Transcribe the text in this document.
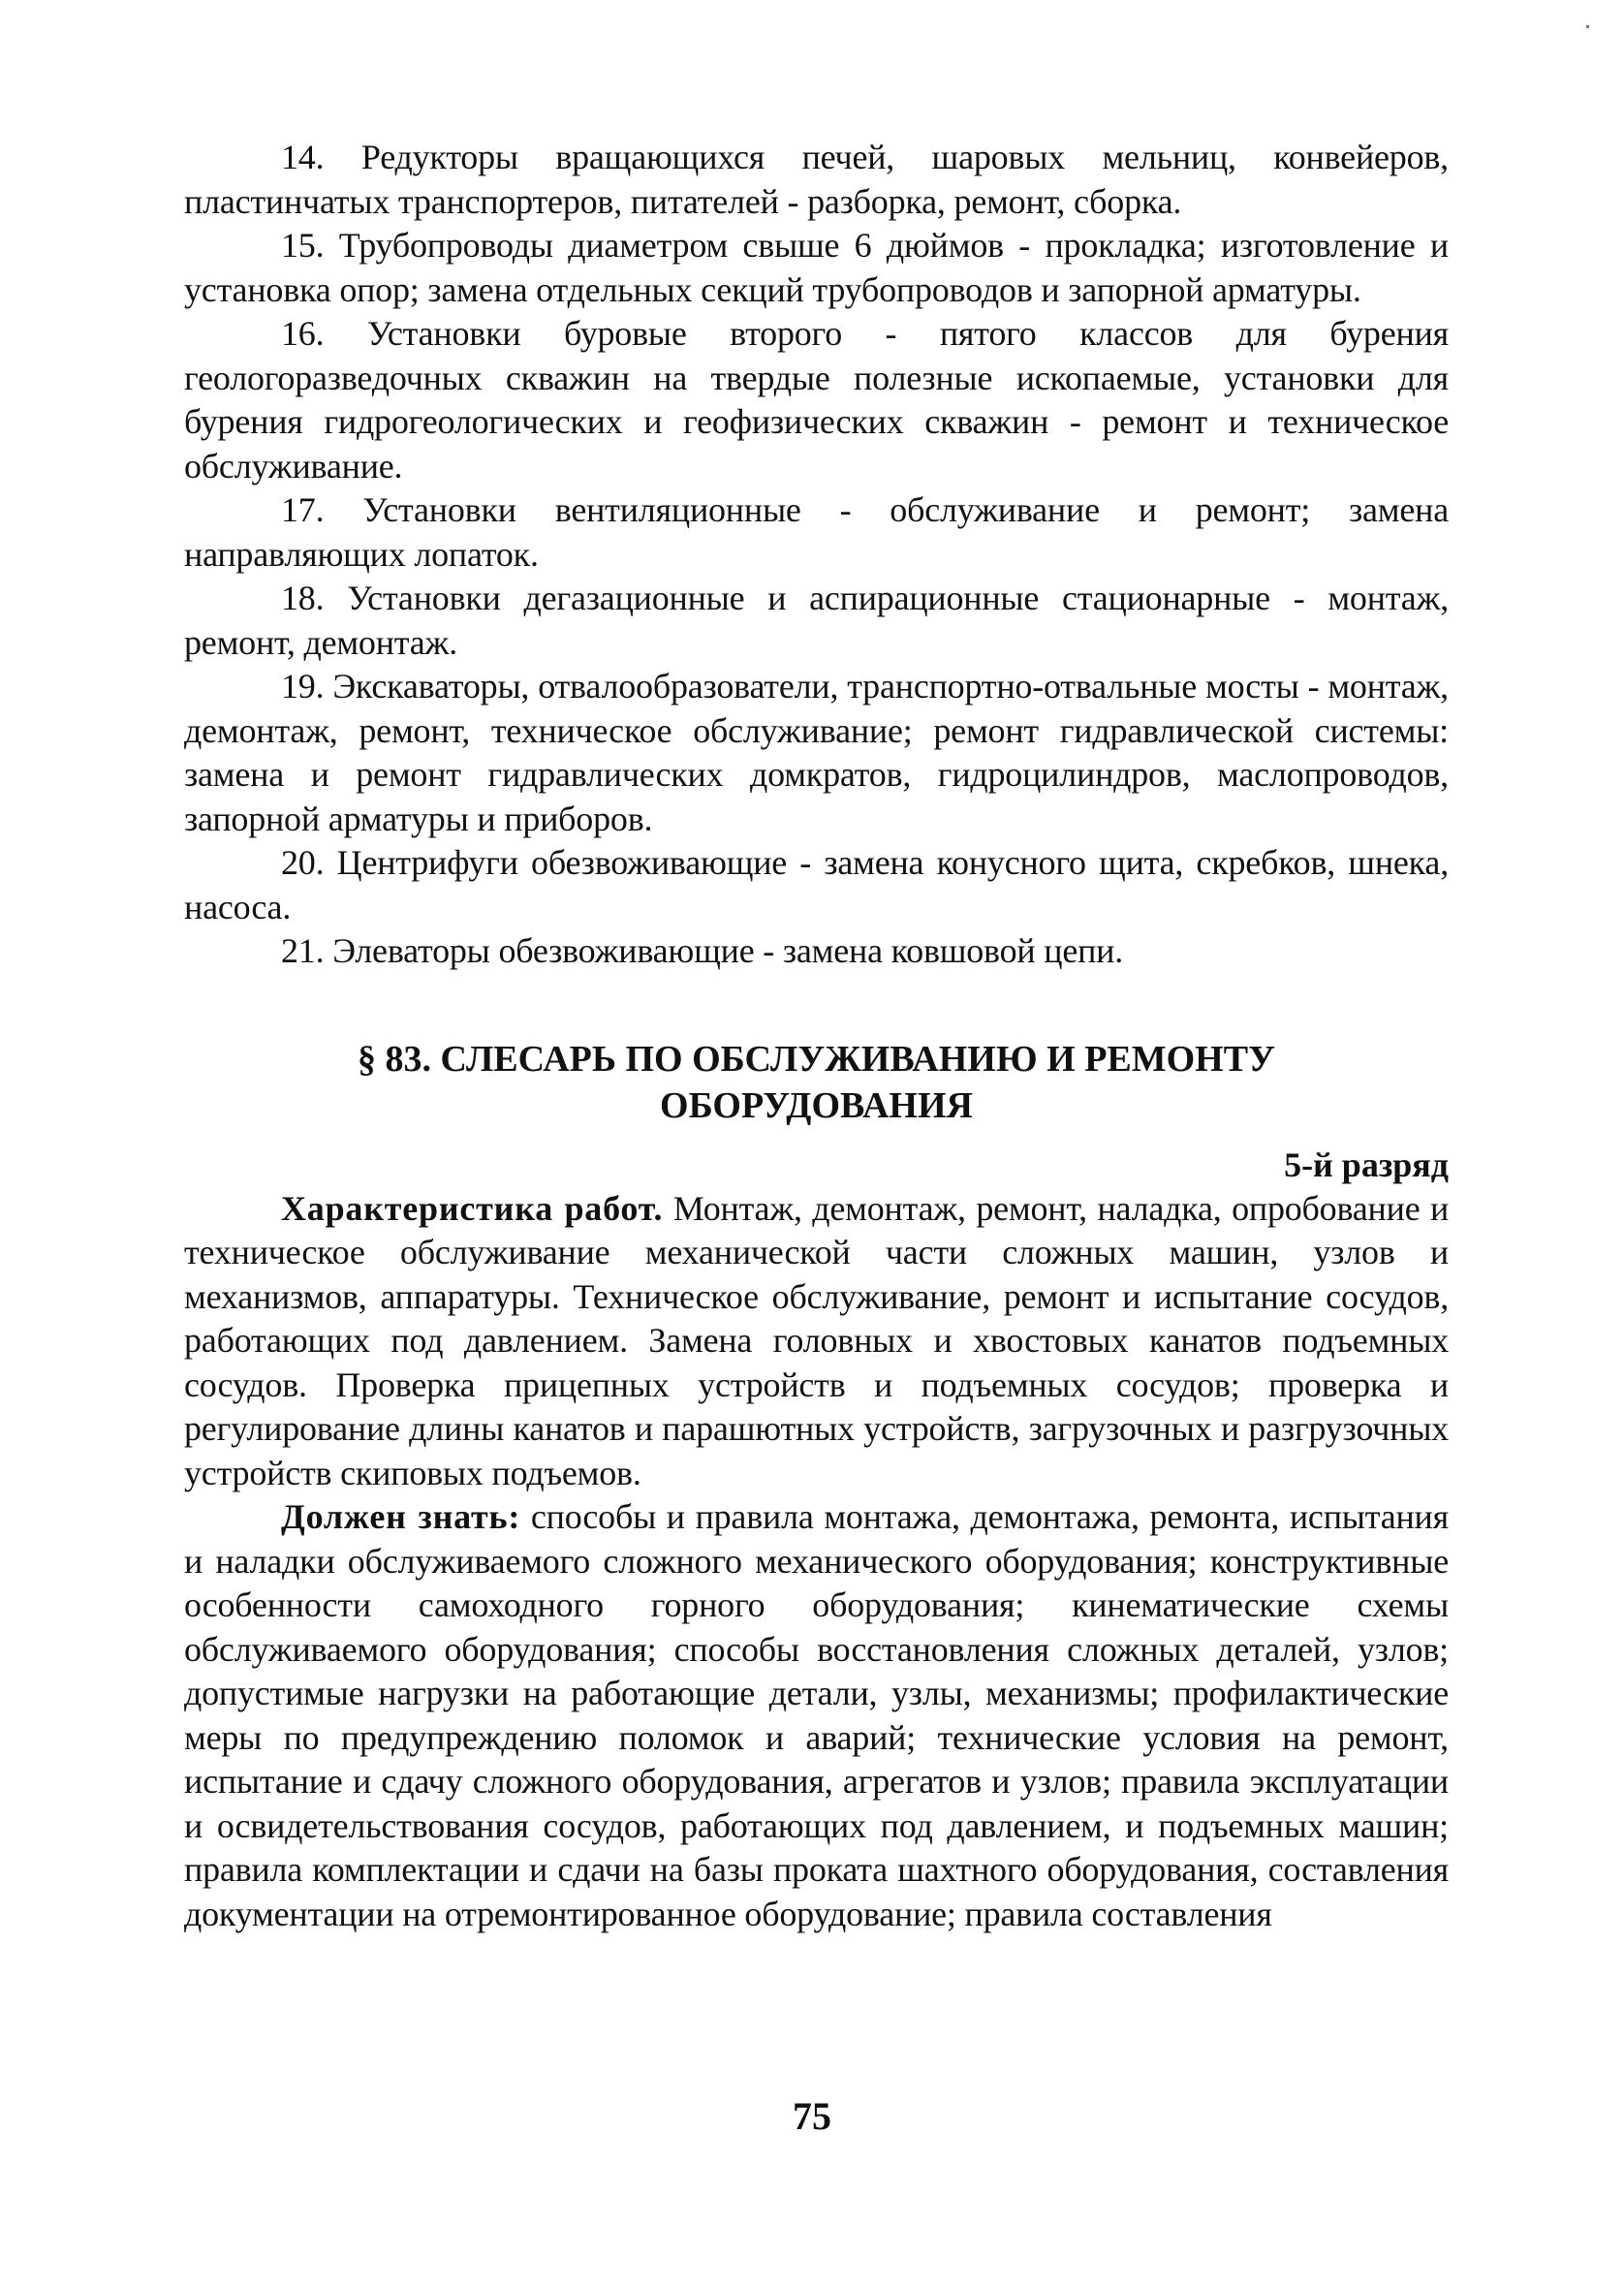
14. Редукторы вращающихся печей, шаровых мельниц, конвейеров, пластинчатых транспортеров, питателей - разборка, ремонт, сборка.

15. Трубопроводы диаметром свыше 6 дюймов - прокладка; изготовление и установка опор; замена отдельных секций трубопроводов и запорной арматуры.

16. Установки буровые второго - пятого классов для бурения геологоразведочных скважин на твердые полезные ископаемые, установки для бурения гидрогеологических и геофизических скважин - ремонт и техническое обслуживание.

17. Установки вентиляционные - обслуживание и ремонт; замена направляющих лопаток.

18. Установки дегазационные и аспирационные стационарные - монтаж, ремонт, демонтаж.

19. Экскаваторы, отвалообразователи, транспортно-отвальные мосты - монтаж, демонтаж, ремонт, техническое обслуживание; ремонт гидравлической системы: замена и ремонт гидравлических домкратов, гидроцилиндров, маслопроводов, запорной арматуры и приборов.

20. Центрифуги обезвоживающие - замена конусного щита, скребков, шнека, насоса.

21. Элеваторы обезвоживающие - замена ковшовой цепи.

§ 83. СЛЕСАРЬ ПО ОБСЛУЖИВАНИЮ И РЕМОНТУ
ОБОРУДОВАНИЯ
5-й разряд

Характеристика работ. Монтаж, демонтаж, ремонт, наладка, опробование и техническое обслуживание механической части сложных машин, узлов и механизмов, аппаратуры. Техническое обслуживание, ремонт и испытание сосудов, работающих под давлением. Замена головных и хвостовых канатов подъемных сосудов. Проверка прицепных устройств и подъемных сосудов; проверка и регулирование длины канатов и парашютных устройств, загрузочных и разгрузочных устройств скиповых подъемов.

Должен знать: способы и правила монтажа, демонтажа, ремонта, испытания и наладки обслуживаемого сложного механического оборудования; конструктивные особенности самоходного горного оборудования; кинематические схемы обслуживаемого оборудования; способы восстановления сложных деталей, узлов; допустимые нагрузки на работающие детали, узлы, механизмы; профилактические меры по предупреждению поломок и аварий; технические условия на ремонт, испытание и сдачу сложного оборудования, агрегатов и узлов; правила эксплуатации и освидетельствования сосудов, работающих под давлением, и подъемных машин; правила комплектации и сдачи на базы проката шахтного оборудования, составления документации на отремонтированное оборудование; правила составления

75
